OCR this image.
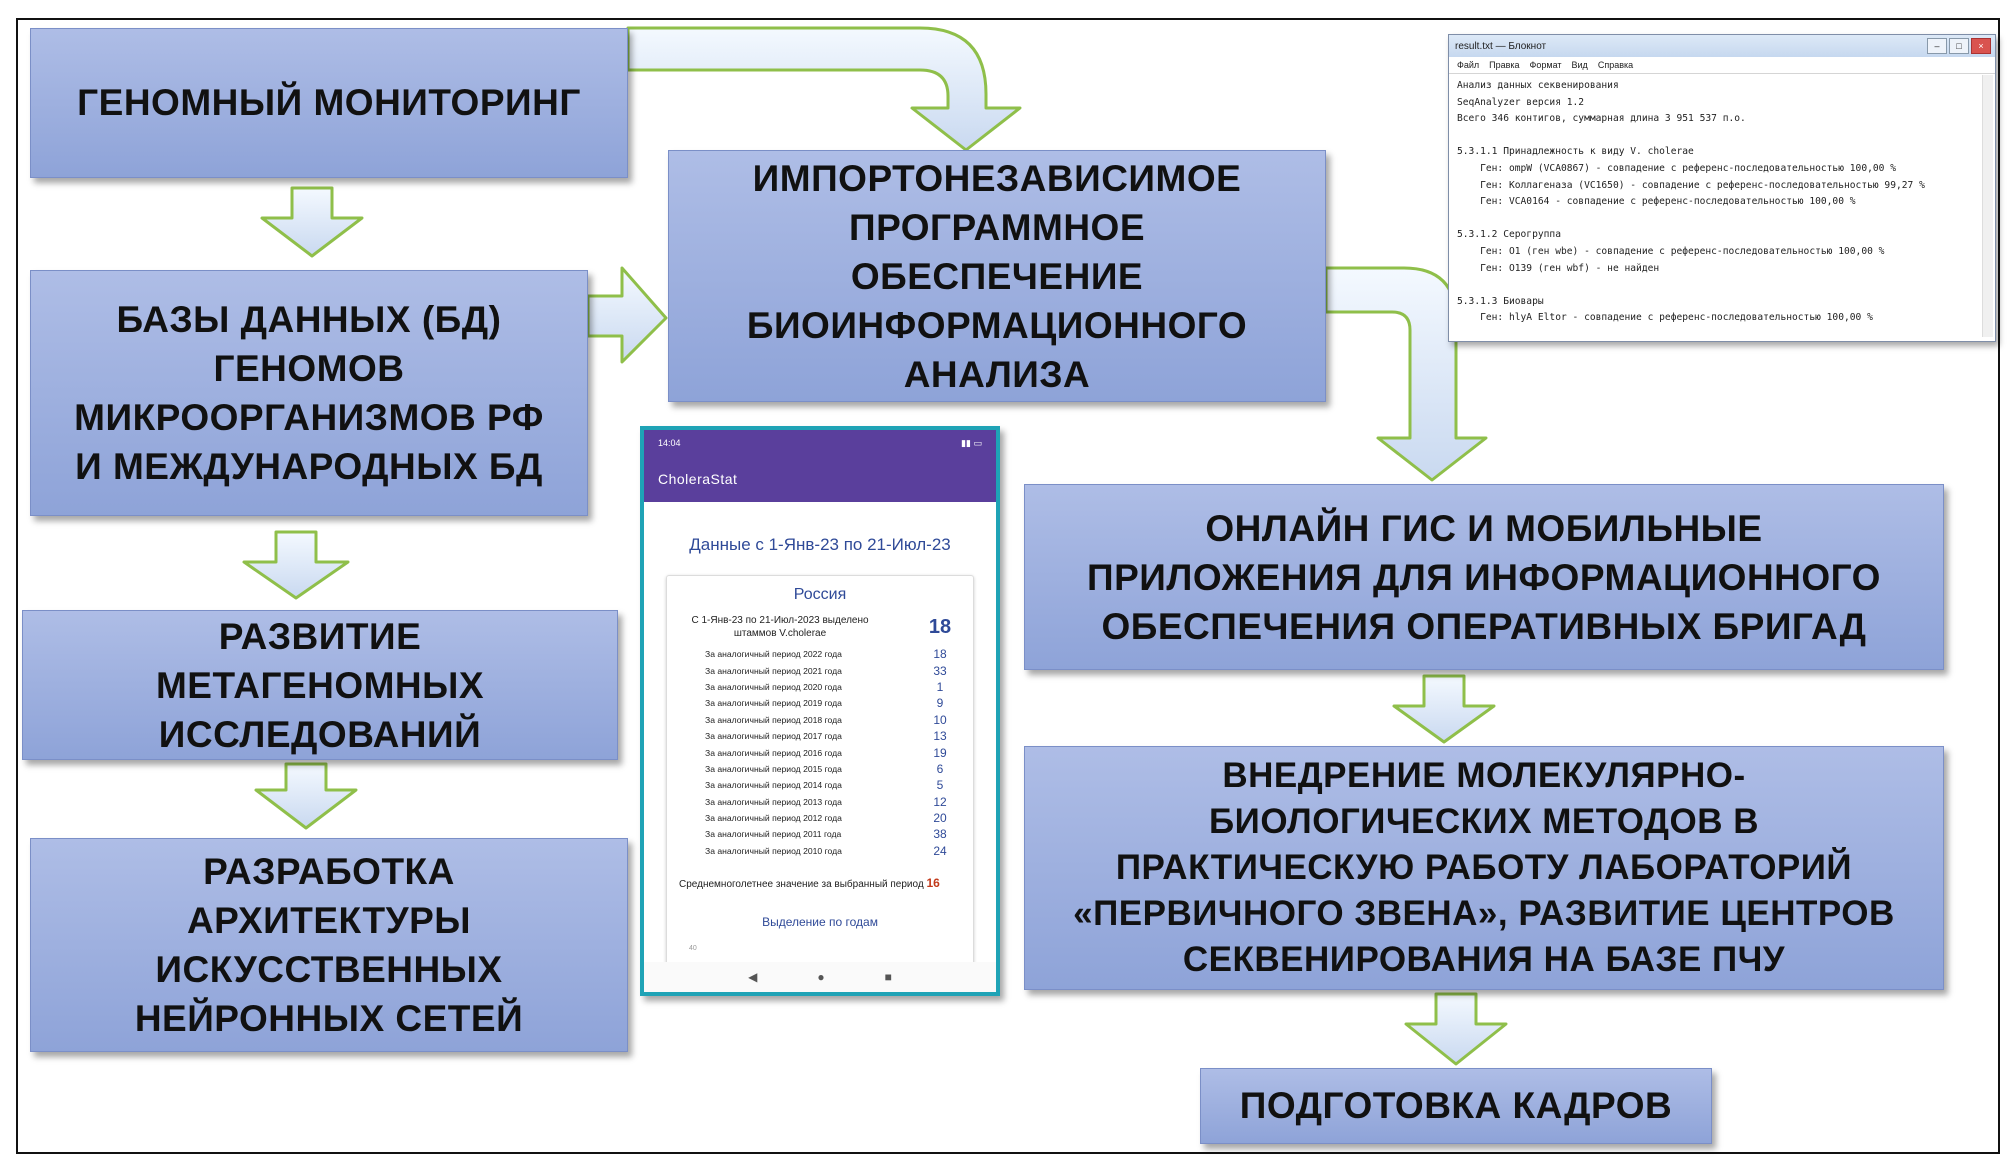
ГЕНОМНЫЙ МОНИТОРИНГ
БАЗЫ ДАННЫХ (БД)
ГЕНОМОВ
МИКРООРГАНИЗМОВ РФ
И МЕЖДУНАРОДНЫХ БД
РАЗВИТИЕ
МЕТАГЕНОМНЫХ
ИССЛЕДОВАНИЙ
РАЗРАБОТКА
АРХИТЕКТУРЫ
ИСКУССТВЕННЫХ
НЕЙРОННЫХ СЕТЕЙ
ИМПОРТОНЕЗАВИСИМОЕ
ПРОГРАММНОЕ
ОБЕСПЕЧЕНИЕ
БИОИНФОРМАЦИОННОГО
АНАЛИЗА
ОНЛАЙН ГИС И МОБИЛЬНЫЕ
ПРИЛОЖЕНИЯ ДЛЯ ИНФОРМАЦИОННОГО
ОБЕСПЕЧЕНИЯ ОПЕРАТИВНЫХ БРИГАД
ВНЕДРЕНИЕ МОЛЕКУЛЯРНО-
БИОЛОГИЧЕСКИХ МЕТОДОВ В
ПРАКТИЧЕСКУЮ РАБОТУ ЛАБОРАТОРИЙ
«ПЕРВИЧНОГО ЗВЕНА», РАЗВИТИЕ ЦЕНТРОВ
СЕКВЕНИРОВАНИЯ НА БАЗЕ ПЧУ
ПОДГОТОВКА КАДРОВ
result.txt — Блокнот	–	□	×
Файл Правка Формат Вид Справка
Анализ данных секвенирования
SeqAnalyzer версия 1.2
Всего 346 контигов, суммарная длина 3 951 537 п.о.
5.3.1.1 Принадлежность к виду V. cholerae
Ген: ompW (VCA0867) - совпадение с референс-последовательностью 100,00 %
Ген: Коллагеназа (VC1650) - совпадение с референс-последовательностью 99,27 %
Ген: VCA0164 - совпадение с референс-последовательностью 100,00 %
5.3.1.2 Серогруппа
Ген: O1 (ген wbe) - совпадение с референс-последовательностью 100,00 %
Ген: O139 (ген wbf) - не найден
5.3.1.3 Биовары
Ген: hlyA Eltor - совпадение с референс-последовательностью 100,00 %
14:04	▮▮ ▭
CholeraStat
Данные с 1-Янв-23 по 21-Июл-23
Россия
С 1-Янв-23 по 21-Июл-2023 выделено штаммов V.cholerae	18
За аналогичный период 2022 года	18
За аналогичный период 2021 года	33
За аналогичный период 2020 года	1
За аналогичный период 2019 года	9
За аналогичный период 2018 года	10
За аналогичный период 2017 года	13
За аналогичный период 2016 года	19
За аналогичный период 2015 года	6
За аналогичный период 2014 года	5
За аналогичный период 2013 года	12
За аналогичный период 2012 года	20
За аналогичный период 2011 года	38
За аналогичный период 2010 года	24
Среднемноголетнее значение за выбранный период 16
Выделение по годам
40
◀	●	■
